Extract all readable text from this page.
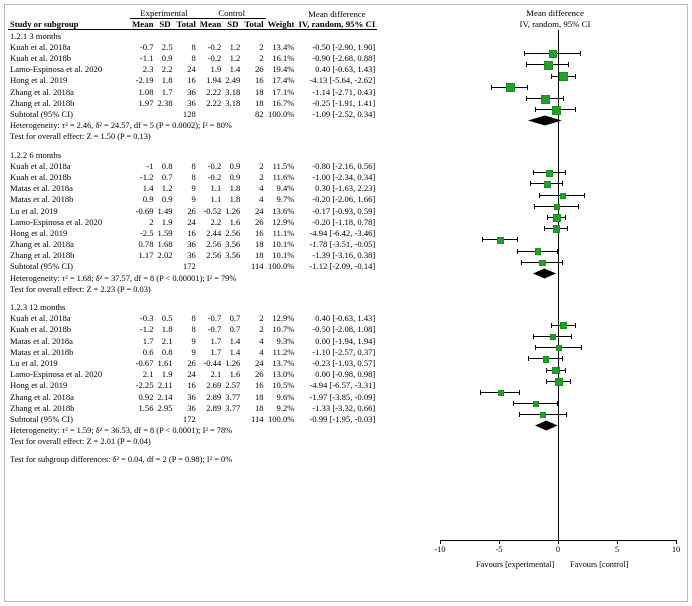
	Experimental			Control				Mean difference
Study or subgroup	Mean	SD	Total	Mean	SD	Total	Weight	IV, random, 95% CI
1.2.1 3 months								
Kuah et al. 2018a	-0.7	2.5	8	-0.2	1.2	2	13.4%	-0.50 [-2.90, 1.90]
Kuah et al. 2018b	-1.1	0.9	8	-0.2	1.2	2	16.1%	-0.90 [-2.68, 0.88]
Lamo-Espinosa et al. 2020	2.3	2.2	24	1.9	1.4	26	19.4%	0.40 [-0.63, 1.43]
Hong et al. 2019	-2.19	1.8	16	1.94	2.49	16	17.4%	-4.13 [-5.64, -2.62]
Zhang et al. 2018a	1.08	1.7	36	2.22	3.18	18	17.1%	-1.14 [-2.71, 0.43]
Zhang et al. 2018b	1.97	2.38	36	2.22	3.18	18	16.7%	-0.25 [-1.91, 1.41]
Subtotal (95% CI)			128			82	100.0%	-1.09 [-2.52, 0.34]
Heterogeneity: τ² = 2.46, δ² = 24.57, df = 5 (P = 0.0002); I² = 80%								
Test for overall effect: Z = 1.50 (P = 0.13)								

1.2.2 6 months								
Kuah et al. 2018a	-1	0.8	8	-0.2	0.9	2	11.5%	-0.80 [-2.16, 0.56]
Kuah et al. 2018b	-1.2	0.7	8	-0.2	0.9	2	11.6%	-1.00 [-2.34, 0.34]
Matas et al. 2018a	1.4	1.2	9	1.1	1.8	4	9.4%	0.30 [-1.63, 2.23]
Matas et al. 2018b	0.9	0.9	9	1.1	1.8	4	9.7%	-0.20 [-2.06, 1.66]
Lu et al. 2019	-0.69	1.49	26	-0.52	1.26	24	13.6%	-0.17 [-0.93, 0.59]
Lamo-Espinosa et al. 2020	2	1.9	24	2.2	1.6	26	12.9%	-0.20 [-1.18, 0.78]
Hong et al. 2019	-2.5	1.59	16	2.44	2.56	16	11.1%	-4.94 [-6.42, -3.46]
Zhang et al. 2018a	0.78	1.68	36	2.56	3.56	18	10.1%	-1.78 [-3.51, -0.05]
Zhang et al. 2018b	1.17	2.02	36	2.56	3.56	18	10.1%	-1.39 [-3.16, 0.38]
Subtotal (95% CI)			172			114	100.0%	-1.12 [-2.09, -0.14]
Heterogeneity: τ² = 1.68; δ² = 37.57, df = 8 (P < 0.00001); I² = 79%								
Test for overall effect: Z = 2.23 (P = 0.03)								

1.2.3 12 months								
Kuah et al. 2018a	-0.3	0.5	8	-0.7	0.7	2	12.9%	0.40 [-0.63, 1.43]
Kuah et al. 2018b	-1.2	1.8	8	-0.7	0.7	2	10.7%	-0.50 [-2.08, 1.08]
Matas et al. 2018a	1.7	2.1	9	1.7	1.4	4	9.3%	0.00 [-1.94, 1.94]
Matas et al. 2018b	0.6	0.8	9	1.7	1.4	4	11.2%	-1.10 [-2.57, 0.37]
Lu et al. 2019	-0.67	1.61	26	-0.44	1.26	24	13.7%	-0.23 [-1.03, 0.57]
Lamo-Espinosa et al. 2020	2.1	1.9	24	2.1	1.6	26	13.0%	0.00 [-0.98, 0.98]
Hong et al. 2019	-2.25	2.11	16	2.69	2.57	16	10.5%	-4.94 [-6.57, -3.31]
Zhang et al. 2018a	0.92	2.14	36	2.89	3.77	18	9.6%	-1.97 [-3.85, -0.09]
Zhang et al. 2018b	1.56	2.95	36	2.89	3.77	18	9.2%	-1.33 [-3.32, 0.66]
Subtotal (95% CI)			172			114	100.0%	-0.99 [-1.95, -0.03]
Heterogeneity: τ² = 1.59; δ² = 36.53, df = 8 (P < 0.0001); I² = 78%								
Test for overall effect: Z = 2.01 (P = 0.04)								

Test for subgroup differences: δ² = 0.04, df = 2 (P = 0.98); I² = 0%								
Mean difference
IV, random, 95% CI
-10	-5	0	5	10
Favours [experimental] Favours [control]
